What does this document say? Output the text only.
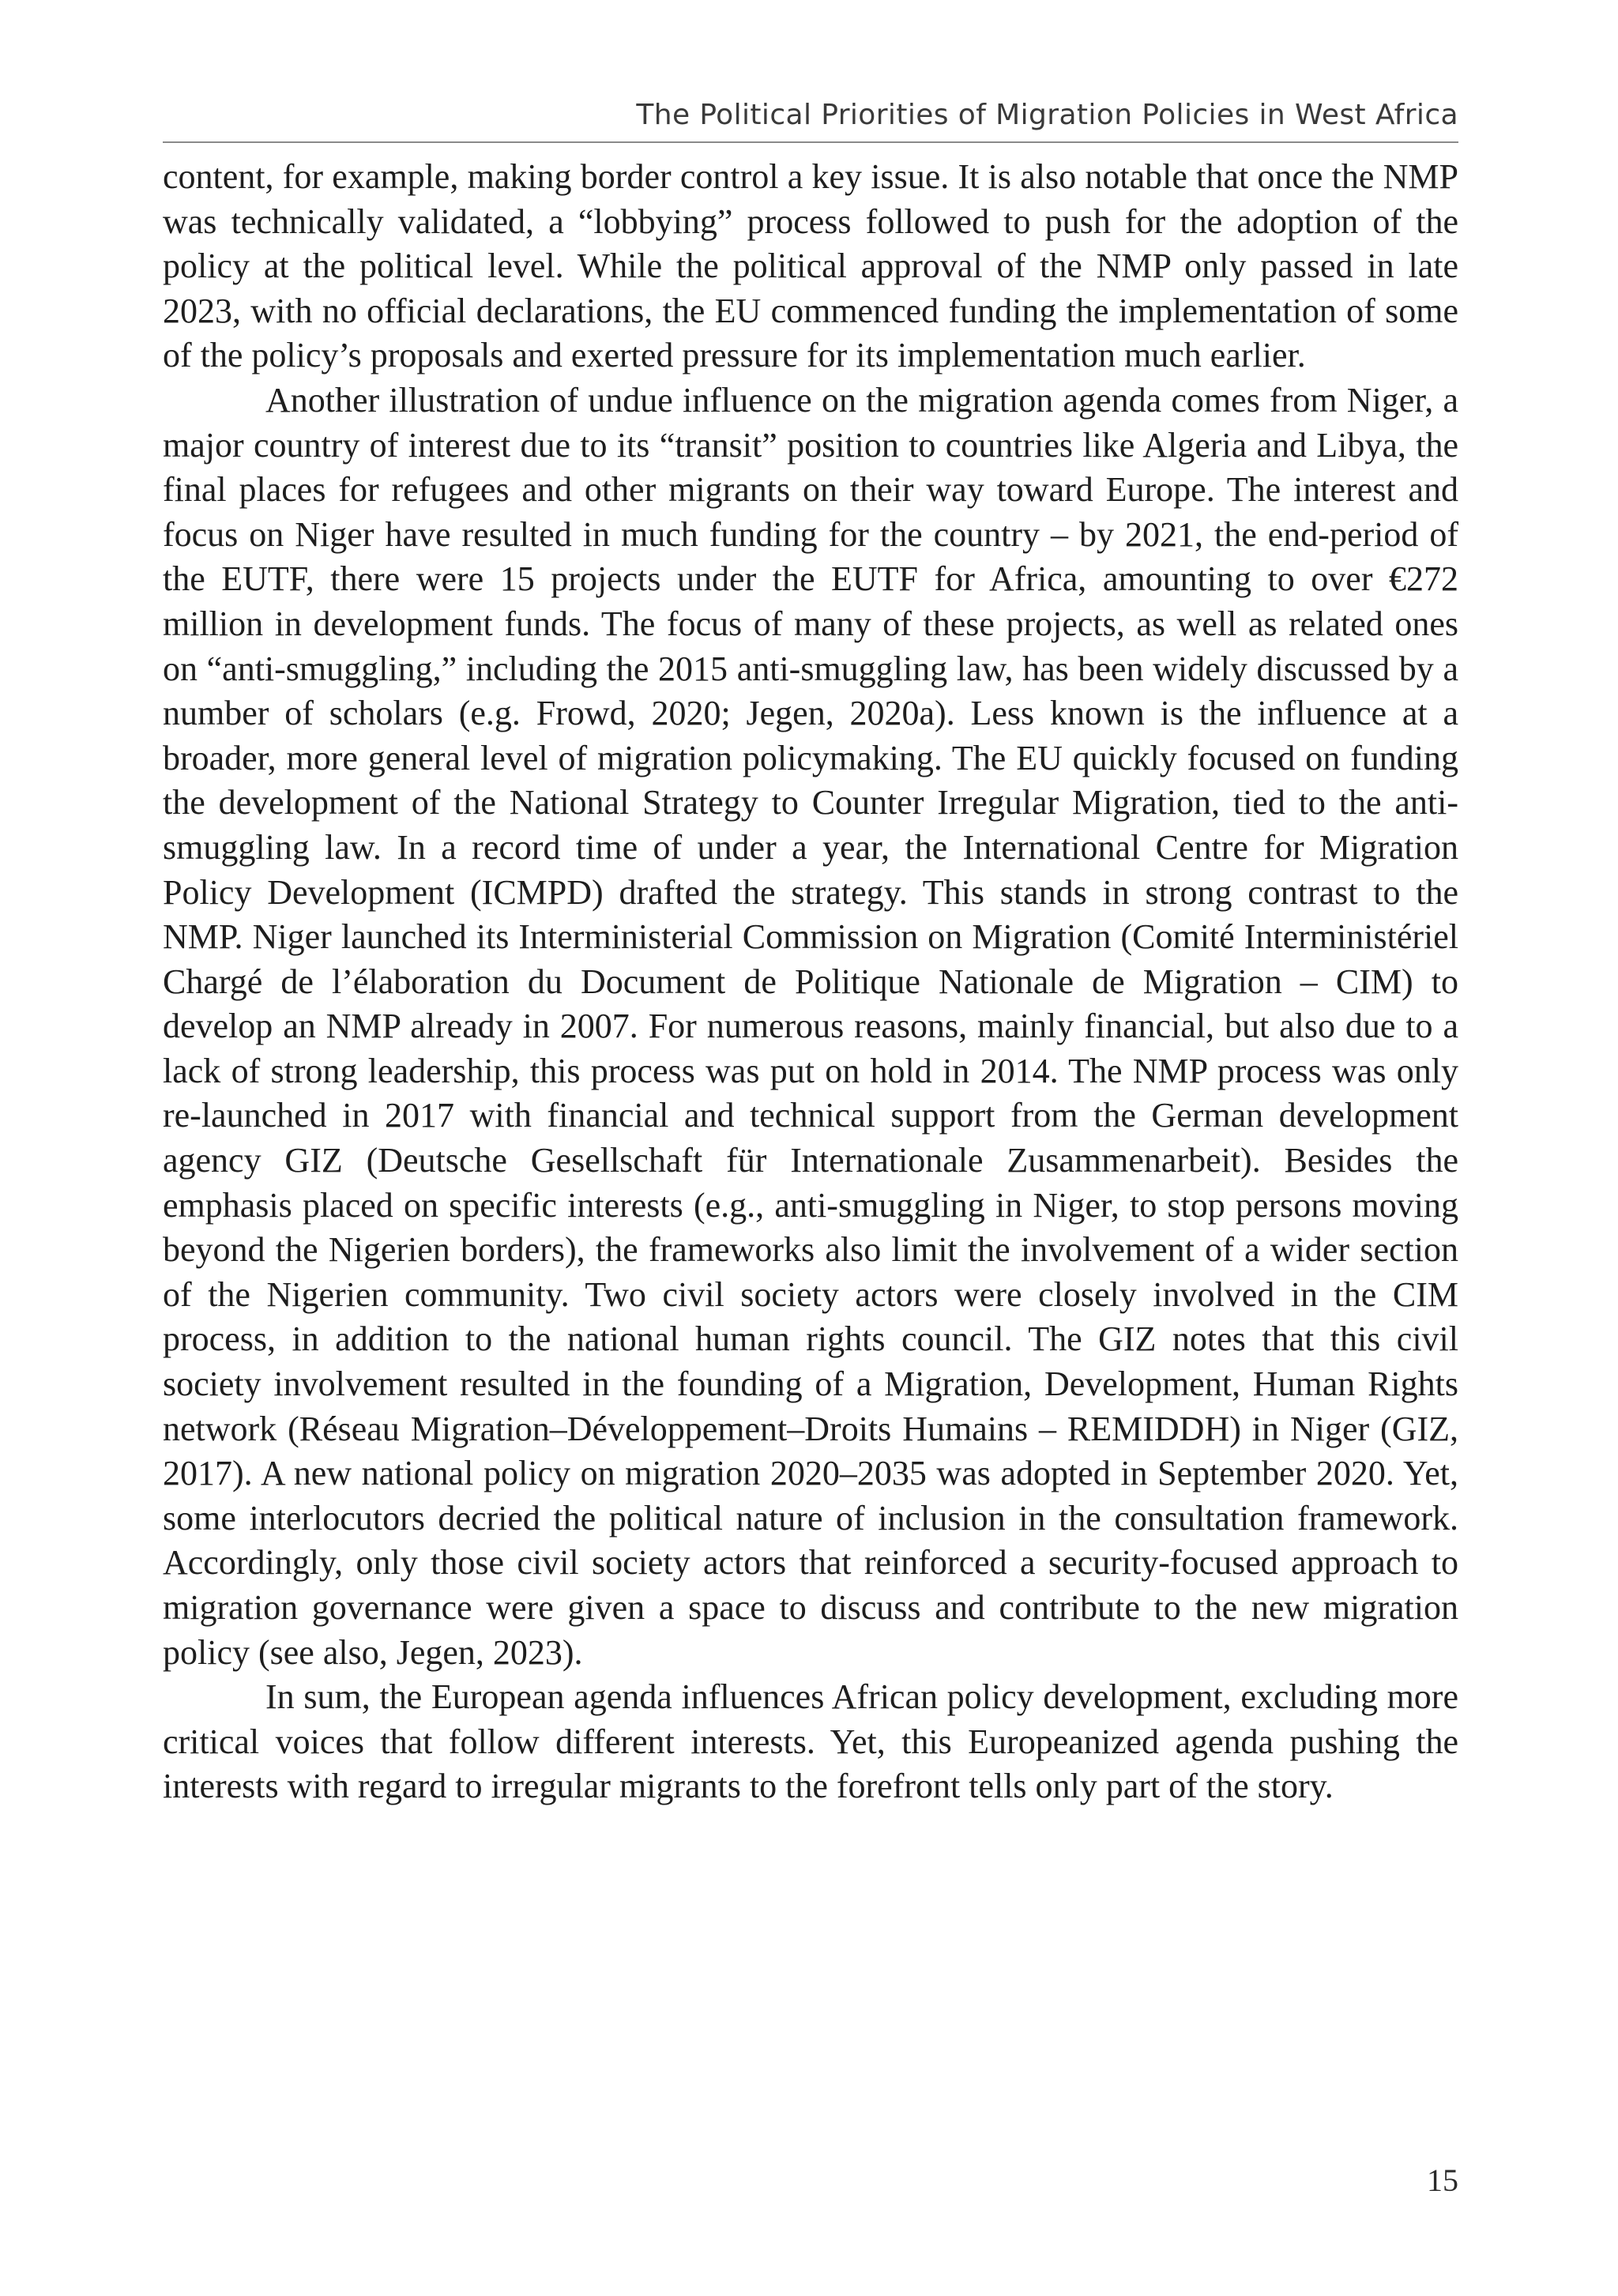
The Political Priorities of Migration Policies in West Africa

content, for example, making border control a key issue. It is also notable that once the NMP was technically validated, a “lobbying” process followed to push for the adoption of the policy at the political level. While the political approval of the NMP only passed in late 2023, with no official declarations, the EU commenced funding the implementation of some of the policy’s proposals and exerted pressure for its implementation much earlier.

Another illustration of undue influence on the migration agenda comes from Niger, a major country of interest due to its “transit” position to countries like Algeria and Libya, the final places for refugees and other migrants on their way toward Europe. The interest and focus on Niger have resulted in much funding for the country – by 2021, the end-period of the EUTF, there were 15 projects under the EUTF for Africa, amounting to over €272 million in development funds. The focus of many of these projects, as well as related ones on “anti-smuggling,” including the 2015 anti-smuggling law, has been widely discussed by a number of scholars (e.g. Frowd, 2020; Jegen, 2020a). Less known is the influence at a broader, more general level of migration policymaking. The EU quickly focused on funding the development of the National Strategy to Counter Irregular Migration, tied to the anti-smuggling law. In a record time of under a year, the International Centre for Migration Policy Development (ICMPD) drafted the strategy. This stands in strong contrast to the NMP. Niger launched its Interministerial Commission on Migration (Comité Interministériel Chargé de l’élaboration du Document de Politique Nationale de Migration – CIM) to develop an NMP already in 2007. For numerous reasons, mainly financial, but also due to a lack of strong leadership, this process was put on hold in 2014. The NMP process was only re-launched in 2017 with financial and technical support from the German development agency GIZ (Deutsche Gesellschaft für Internationale Zusammenarbeit). Besides the emphasis placed on specific interests (e.g., anti-smuggling in Niger, to stop persons moving beyond the Nigerien borders), the frameworks also limit the involvement of a wider section of the Nigerien community. Two civil society actors were closely involved in the CIM process, in addition to the national human rights council. The GIZ notes that this civil society involvement resulted in the founding of a Migration, Development, Human Rights network (Réseau Migration–Développement–Droits Humains – REMIDDH) in Niger (GIZ, 2017). A new national policy on migration 2020–2035 was adopted in September 2020. Yet, some interlocutors decried the political nature of inclusion in the consultation framework. Accordingly, only those civil society actors that reinforced a security-focused approach to migration governance were given a space to discuss and contribute to the new migration policy (see also, Jegen, 2023).

In sum, the European agenda influences African policy development, excluding more critical voices that follow different interests. Yet, this Europeanized agenda pushing the interests with regard to irregular migrants to the forefront tells only part of the story.

15
